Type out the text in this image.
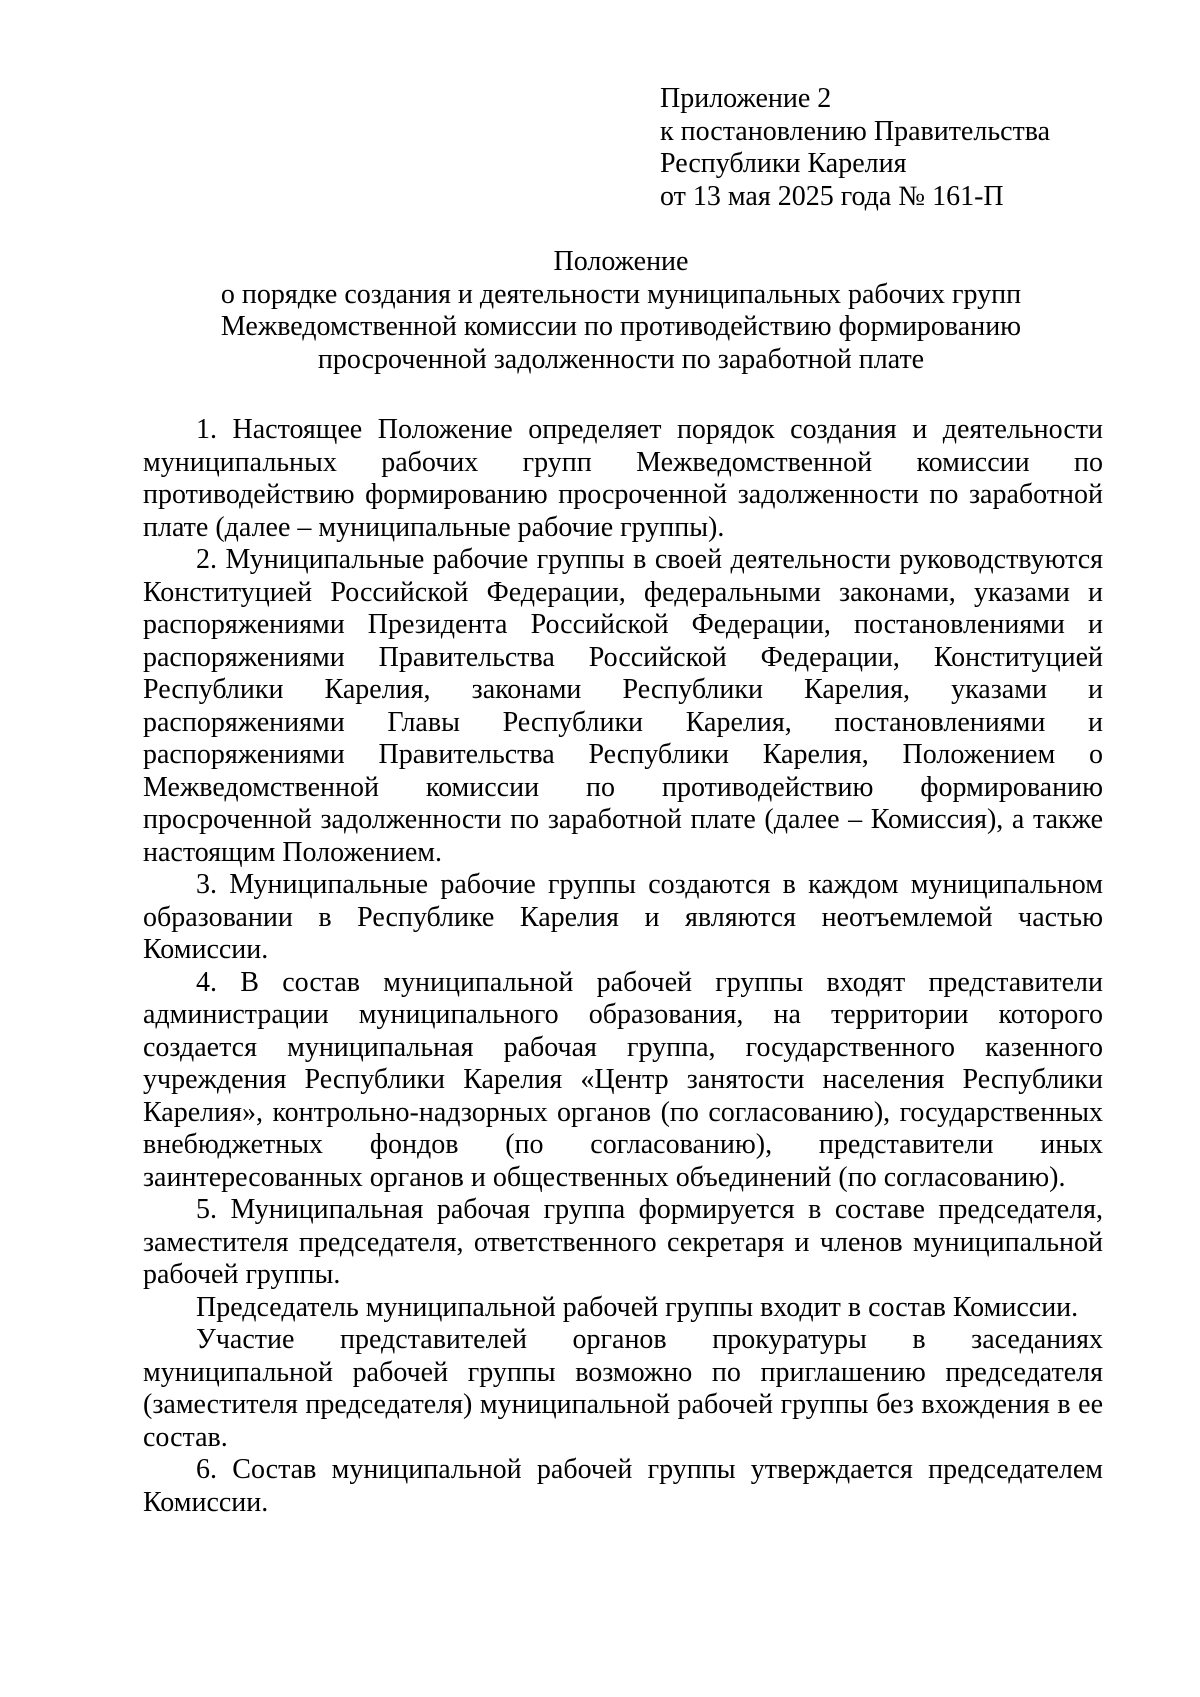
Приложение 2
к постановлению Правительства
Республики Карелия
от 13 мая 2025 года № 161-П
Положение
о порядке создания и деятельности муниципальных рабочих групп
Межведомственной комиссии по противодействию формированию
просроченной задолженности по заработной плате

1. Настоящее Положение определяет порядок создания и деятельности муниципальных рабочих групп Межведомственной комиссии по противодействию формированию просроченной задолженности по заработной плате (далее – муниципальные рабочие группы).

2. Муниципальные рабочие группы в своей деятельности руководствуются Конституцией Российской Федерации, федеральными законами, указами и распоряжениями Президента Российской Федерации, постановлениями и распоряжениями Правительства Российской Федерации, Конституцией Республики Карелия, законами Республики Карелия, указами и распоряжениями Главы Республики Карелия, постановлениями и распоряжениями Правительства Республики Карелия, Положением о Межведомственной комиссии по противодействию формированию просроченной задолженности по заработной плате (далее – Комиссия), а также настоящим Положением.

3. Муниципальные рабочие группы создаются в каждом муниципальном образовании в Республике Карелия и являются неотъемлемой частью Комиссии.

4. В состав муниципальной рабочей группы входят представители администрации муниципального образования, на территории которого создается муниципальная рабочая группа, государственного казенного учреждения Республики Карелия «Центр занятости населения Республики Карелия», контрольно-надзорных органов (по согласованию), государственных внебюджетных фондов (по согласованию), представители иных заинтересованных органов и общественных объединений (по согласованию).

5. Муниципальная рабочая группа формируется в составе председателя, заместителя председателя, ответственного секретаря и членов муниципальной рабочей группы.

Председатель муниципальной рабочей группы входит в состав Комиссии.

Участие представителей органов прокуратуры в заседаниях муниципальной рабочей группы возможно по приглашению председателя (заместителя председателя) муниципальной рабочей группы без вхождения в ее состав.

6. Состав муниципальной рабочей группы утверждается председателем Комиссии.
